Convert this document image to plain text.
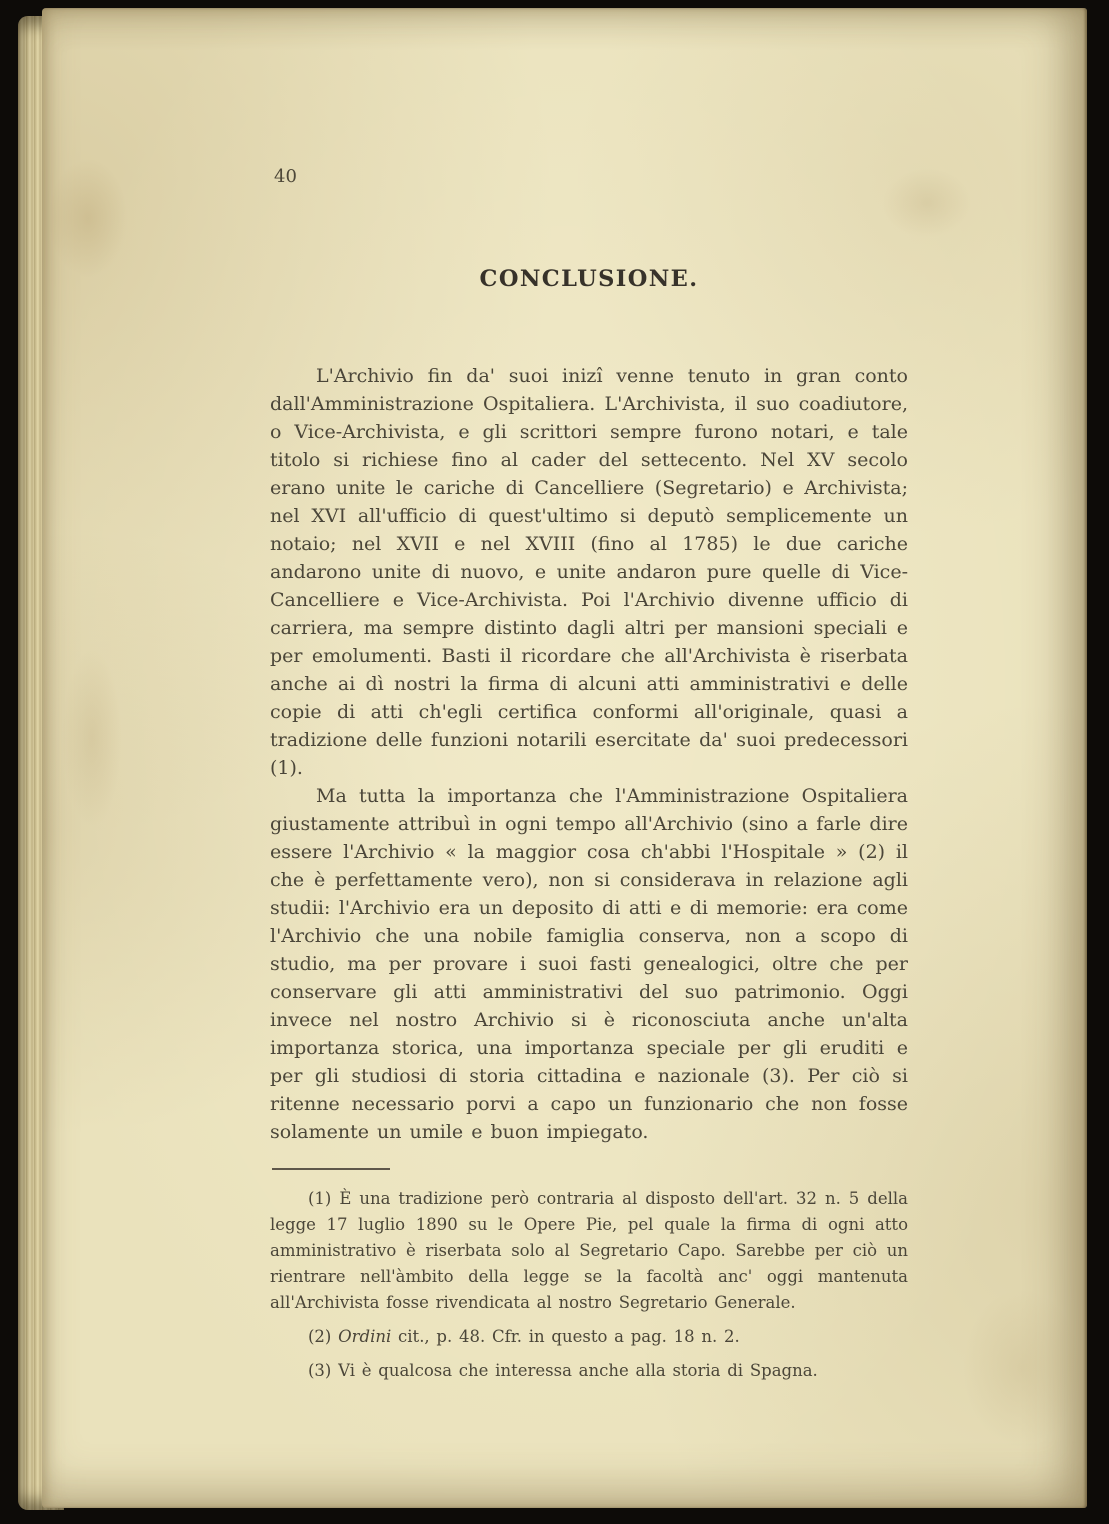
40
CONCLUSIONE.

L'Archivio fin da' suoi inizî venne tenuto in gran conto dall'Amministrazione Ospitaliera. L'Archivista, il suo coadiutore, o Vice-Archivista, e gli scrittori sempre furono notari, e tale titolo si richiese fino al cader del settecento. Nel XV secolo erano unite le cariche di Cancelliere (Segretario) e Archivista; nel XVI all'ufficio di quest'ultimo si deputò semplicemente un notaio; nel XVII e nel XVIII (fino al 1785) le due cariche andarono unite di nuovo, e unite andaron pure quelle di Vice-Cancelliere e Vice-Archivista. Poi l'Archivio divenne ufficio di carriera, ma sempre distinto dagli altri per mansioni speciali e per emolumenti. Basti il ricordare che all'Archivista è riserbata anche ai dì nostri la firma di alcuni atti amministrativi e delle copie di atti ch'egli certifica conformi all'originale, quasi a tradizione delle funzioni notarili esercitate da' suoi predecessori (1).

Ma tutta la importanza che l'Amministrazione Ospitaliera giustamente attribuì in ogni tempo all'Archivio (sino a farle dire essere l'Archivio « la maggior cosa ch'abbi l'Hospitale » (2) il che è perfettamente vero), non si considerava in relazione agli studii: l'Archivio era un deposito di atti e di memorie: era come l'Archivio che una nobile famiglia conserva, non a scopo di studio, ma per provare i suoi fasti genealogici, oltre che per conservare gli atti amministrativi del suo patrimonio. Oggi invece nel nostro Archivio si è riconosciuta anche un'alta importanza storica, una importanza speciale per gli eruditi e per gli studiosi di storia cittadina e nazionale (3). Per ciò si ritenne necessario porvi a capo un funzionario che non fosse solamente un umile e buon impiegato.

(1) È una tradizione però contraria al disposto dell'art. 32 n. 5 della legge 17 luglio 1890 su le Opere Pie, pel quale la firma di ogni atto amministrativo è riserbata solo al Segretario Capo. Sarebbe per ciò un rientrare nell'àmbito della legge se la facoltà anc' oggi mantenuta all'Archivista fosse rivendicata al nostro Segretario Generale.

(2) Ordini cit., p. 48. Cfr. in questo a pag. 18 n. 2.

(3) Vi è qualcosa che interessa anche alla storia di Spagna.
